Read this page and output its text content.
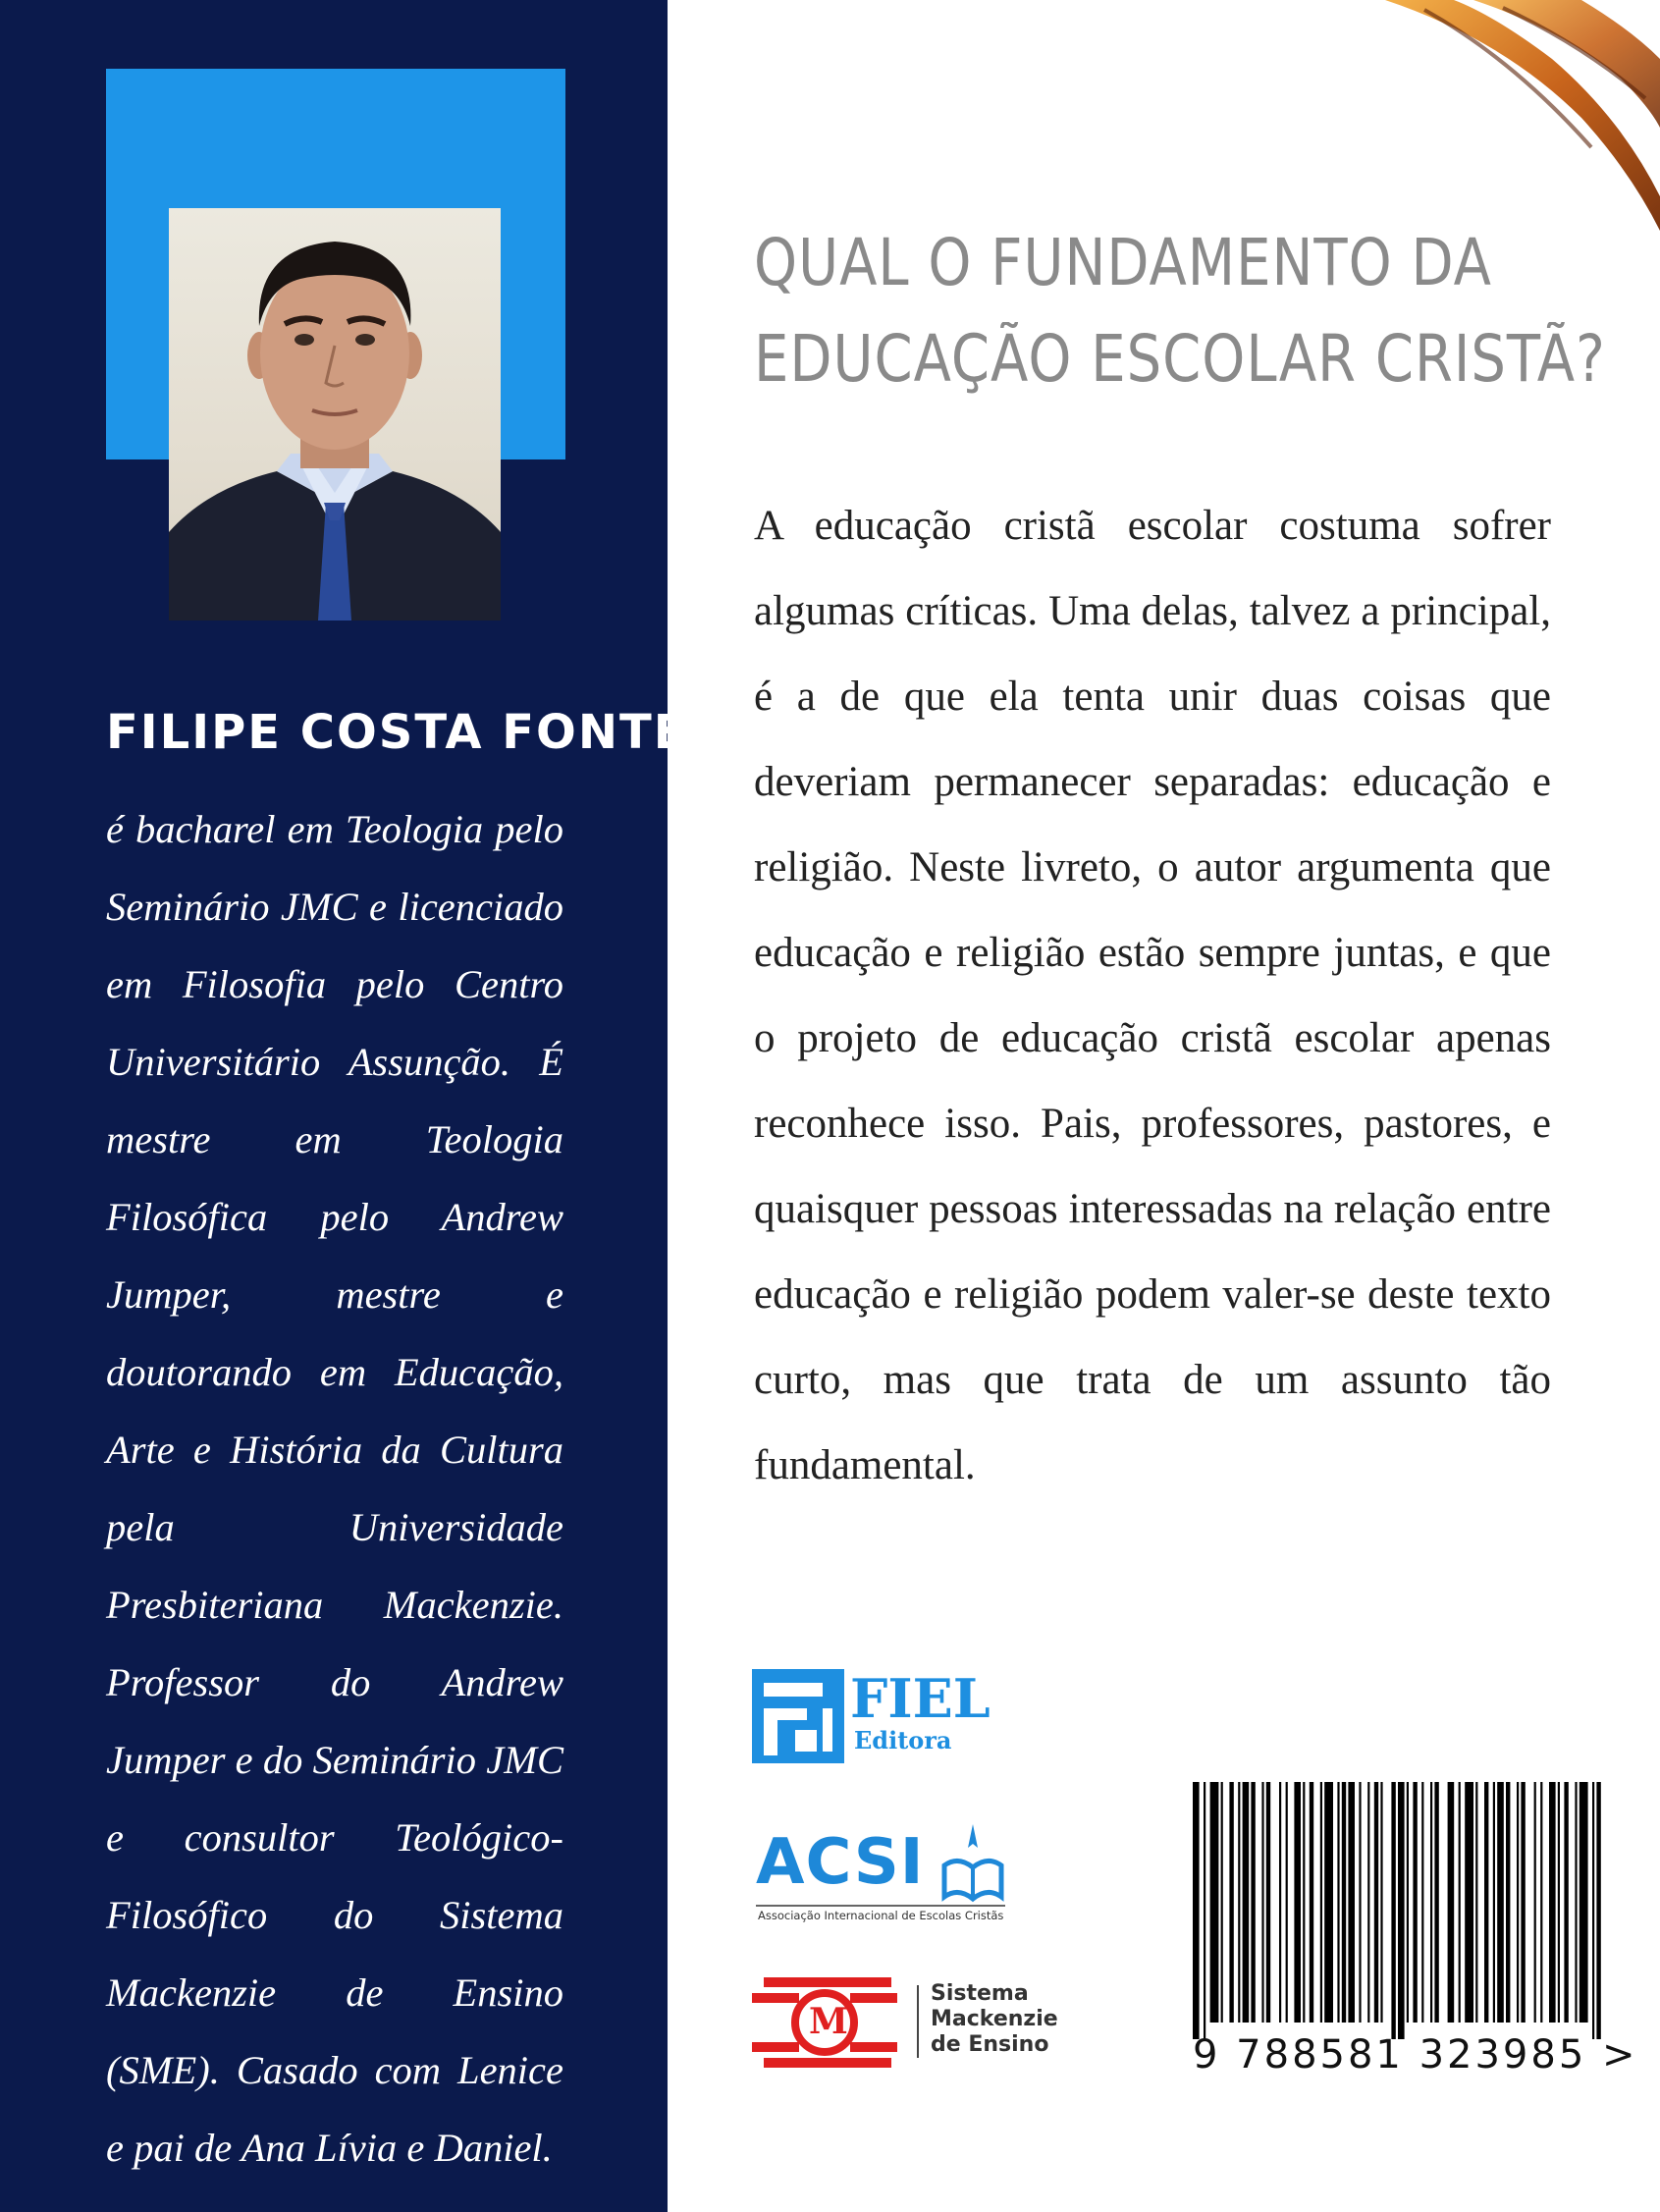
FILIPE COSTA FONTES
é bacharel em Teologia pelo Seminário JMC e licenciado em Filosofia pelo Centro Universitário Assunção. É mestre em Teologia Filosófica pelo Andrew Jumper, mestre e doutorando em Educação, Arte e História da Cultura pela Universidade Presbiteriana Mackenzie. Professor do Andrew Jumper e do Seminário JMC e consultor Teológico-Filosófico do Sistema Mackenzie de Ensino (SME). Casado com Lenice e pai de Ana Lívia e Daniel.
QUAL O FUNDAMENTO DA
EDUCAÇÃO ESCOLAR CRISTÃ?
A educação cristã escolar costuma sofrer algumas críticas. Uma delas, talvez a principal, é a de que ela tenta unir duas coisas que deveriam permanecer separadas: educação e religião. Neste livreto, o autor argumenta que educação e religião estão sempre juntas, e que o projeto de educação cristã escolar apenas reconhece isso. Pais, professores, pastores, e quaisquer pessoas interessadas na relação entre educação e religião podem valer-se deste texto curto, mas que trata de um assunto tão fundamental.
FIEL
Editora
ACSI
Associação Internacional de Escolas Cristãs
M
Sistema
Mackenzie
de Ensino	9 788581 323985 >
